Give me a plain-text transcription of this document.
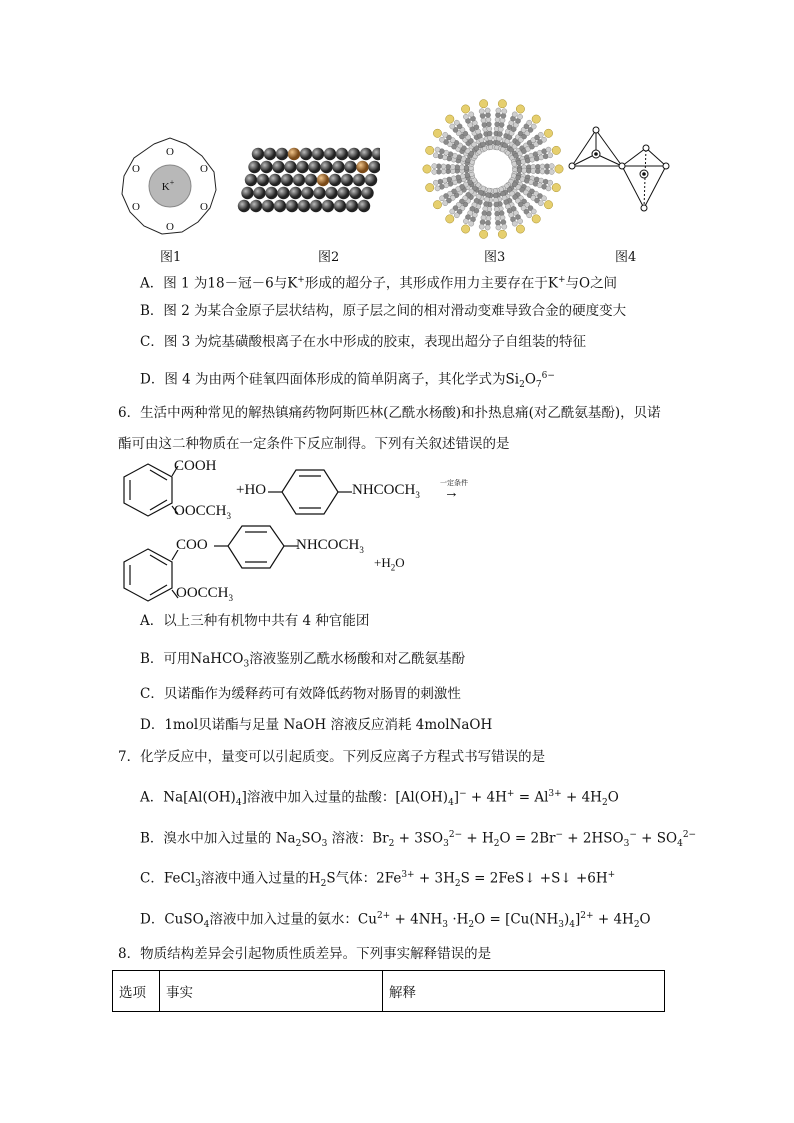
O
O
O
O
O
O
K+
图1	图2	图3	图4
A．图 1 为18－冠－6与K+形成的超分子，其形成作用力主要存在于K+与O之间
B．图 2 为某合金原子层状结构，原子层之间的相对滑动变难导致合金的硬度变大
C．图 3 为烷基磺酸根离子在水中形成的胶束，表现出超分子自组装的特征
D．图 4 为由两个硅氧四面体形成的简单阴离子，其化学式为$Si_2O_7^{6-}$
6．生活中两种常见的解热镇痛药物阿斯匹林(乙酰水杨酸)和扑热息痛(对乙酰氨基酚)，贝诺
酯可由这二种物质在一定条件下反应制得。下列有关叙述错误的是
COOH
$OOCCH_3$
+HO	$NHCOCH_3$
一定条件
→
COO	$NHCOCH_3$
$OOCCH_3$
$+H_2O$
A．以上三种有机物中共有 4 种官能团
B．可用NaHCO$_3$溶液鉴别乙酰水杨酸和对乙酰氨基酚
C．贝诺酯作为缓释药可有效降低药物对肠胃的刺激性
D．1mol贝诺酯与足量 NaOH 溶液反应消耗 4molNaOH
7．化学反应中，量变可以引起质变。下列反应离子方程式书写错误的是
A．$Na[Al(OH)_4]$溶液中加入过量的盐酸：$[Al(OH)_4]^- + 4H^+ = Al^{3+} + 4H_2O$
B．溴水中加入过量的 $Na_2SO_3$ 溶液：$Br_2 + 3SO_3^{2-} + H_2O = 2Br^- + 2HSO_3^- + SO_4^{2-}$
C．FeCl$_3$溶液中通入过量的$H_2S$气体：$2Fe^{3+} + 3H_2S$ = 2FeS↓ +S↓ +6H+
D．CuSO$_4$溶液中加入过量的氨水：$Cu^{2+} + 4NH_3 \cdot H_2O = [Cu(NH_3)_4]^{2+} + 4H_2O$
8．物质结构差异会引起物质性质差异。下列事实解释错误的是
选项	事实	解释
